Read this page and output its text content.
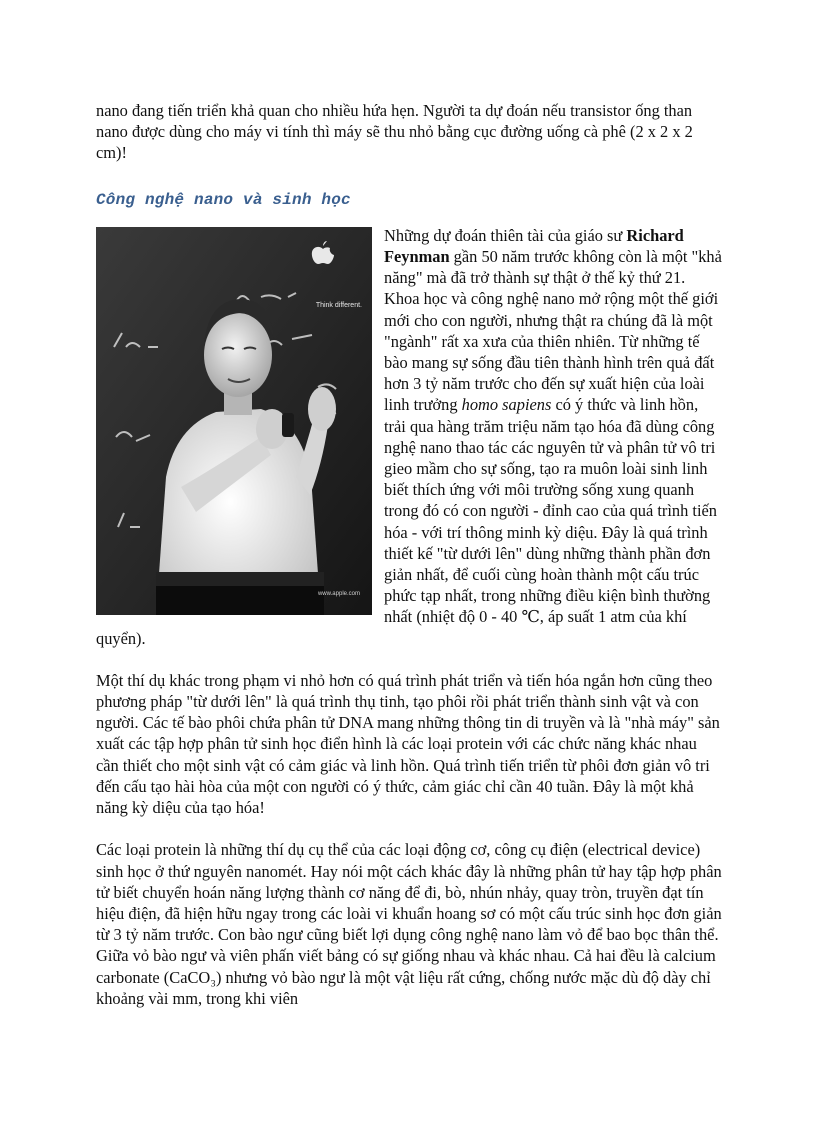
nano đang tiến triển khả quan cho nhiều hứa hẹn. Người ta dự đoán nếu transistor ống than nano được dùng cho máy vi tính thì máy sẽ thu nhỏ bằng cục đường uống cà phê (2 x 2 x 2 cm)!

Công nghệ nano và sinh học
Think different.
www.apple.com

Những dự đoán thiên tài của giáo sư Richard Feynman gần 50 năm trước không còn là một "khả năng" mà đã trở thành sự thật ở thế kỷ thứ 21. Khoa học và công nghệ nano mở rộng một thế giới mới cho con người, nhưng thật ra chúng đã là một "ngành" rất xa xưa của thiên nhiên. Từ những tế bào mang sự sống đầu tiên thành hình trên quả đất hơn 3 tỷ năm trước cho đến sự xuất hiện của loài linh trưởng homo sapiens có ý thức và linh hồn, trải qua hàng trăm triệu năm tạo hóa đã dùng công nghệ nano thao tác các nguyên tử và phân tử vô tri gieo mầm cho sự sống, tạo ra muôn loài sinh linh biết thích ứng với môi trường sống xung quanh trong đó có con người - đỉnh cao của quá trình tiến hóa - với trí thông minh kỳ diệu. Đây là quá trình thiết kế "từ dưới lên" dùng những thành phần đơn giản nhất, để cuối cùng hoàn thành một cấu trúc phức tạp nhất, trong những điều kiện bình thường nhất (nhiệt độ 0 - 40 ℃, áp suất 1 atm của khí quyển).

Một thí dụ khác trong phạm vi nhỏ hơn có quá trình phát triển và tiến hóa ngắn hơn cũng theo phương pháp "từ dưới lên" là quá trình thụ tinh, tạo phôi rồi phát triển thành sinh vật và con người. Các tế bào phôi chứa phân tử DNA mang những thông tin di truyền và là "nhà máy" sản xuất các tập hợp phân tử sinh học điển hình là các loại protein với các chức năng khác nhau cần thiết cho một sinh vật có cảm giác và linh hồn. Quá trình tiến triển từ phôi đơn giản vô tri đến cấu tạo hài hòa của một con người có ý thức, cảm giác chỉ cần 40 tuần. Đây là một khả năng kỳ diệu của tạo hóa!

Các loại protein là những thí dụ cụ thể của các loại động cơ, công cụ điện (electrical device) sinh học ở thứ nguyên nanomét. Hay nói một cách khác đây là những phân tử hay tập hợp phân tử biết chuyển hoán năng lượng thành cơ năng để đi, bò, nhún nhảy, quay tròn, truyền đạt tín hiệu điện, đã hiện hữu ngay trong các loài vi khuẩn hoang sơ có một cấu trúc sinh học đơn giản từ 3 tỷ năm trước. Con bào ngư cũng biết lợi dụng công nghệ nano làm vỏ để bao bọc thân thể. Giữa vỏ bào ngư và viên phấn viết bảng có sự giống nhau và khác nhau. Cả hai đều là calcium carbonate (CaCO₃) nhưng vỏ bào ngư là một vật liệu rất cứng, chống nước mặc dù độ dày chỉ khoảng vài mm, trong khi viên
